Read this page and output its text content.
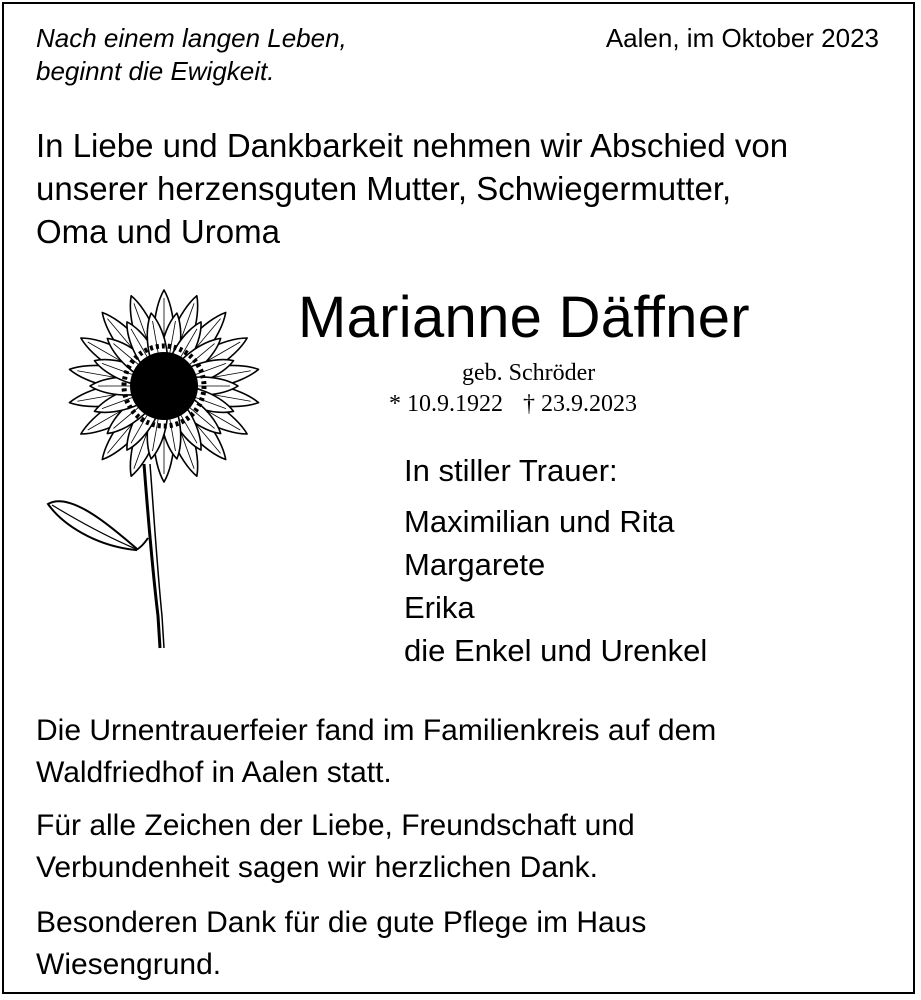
Nach einem langen Leben,
beginnt die Ewigkeit.
Aalen, im Oktober 2023
In Liebe und Dankbarkeit nehmen wir Abschied von
unserer herzensguten Mutter, Schwiegermutter,
Oma und Uroma
Marianne Däffner
geb. Schröder
* 10.9.1922 † 23.9.2023
In stiller Trauer:
Maximilian und Rita
Margarete
Erika
die Enkel und Urenkel
Die Urnentrauerfeier fand im Familienkreis auf dem
Waldfriedhof in Aalen statt.
Für alle Zeichen der Liebe, Freundschaft und
Verbundenheit sagen wir herzlichen Dank.
Besonderen Dank für die gute Pflege im Haus
Wiesengrund.
